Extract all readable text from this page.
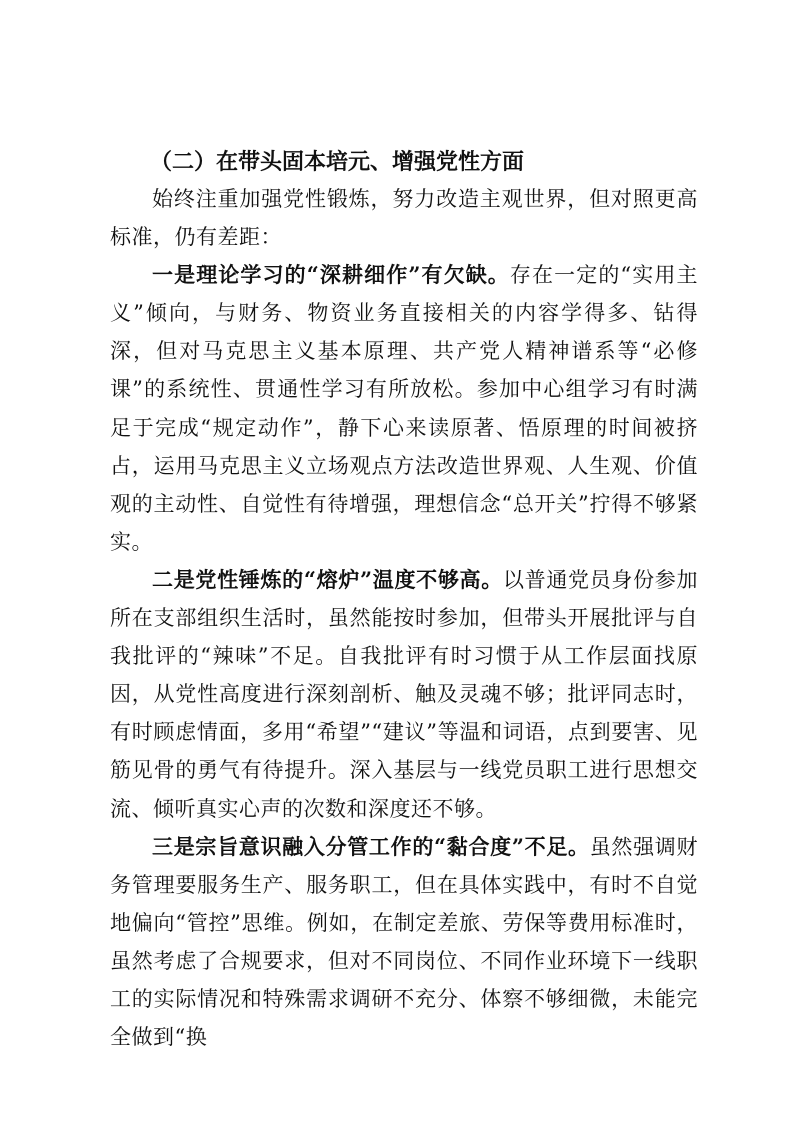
（二）在带头固本培元、增强党性方面

始终注重加强党性锻炼，努力改造主观世界，但对照更高标准，仍有差距：

一是理论学习的“深耕细作”有欠缺。存在一定的“实用主义”倾向，与财务、物资业务直接相关的内容学得多、钻得深，但对马克思主义基本原理、共产党人精神谱系等“必修课”的系统性、贯通性学习有所放松。参加中心组学习有时满足于完成“规定动作”，静下心来读原著、悟原理的时间被挤占，运用马克思主义立场观点方法改造世界观、人生观、价值观的主动性、自觉性有待增强，理想信念“总开关”拧得不够紧实。

二是党性锤炼的“熔炉”温度不够高。以普通党员身份参加所在支部组织生活时，虽然能按时参加，但带头开展批评与自我批评的“辣味”不足。自我批评有时习惯于从工作层面找原因，从党性高度进行深刻剖析、触及灵魂不够；批评同志时，有时顾虑情面，多用“希望”“建议”等温和词语，点到要害、见筋见骨的勇气有待提升。深入基层与一线党员职工进行思想交流、倾听真实心声的次数和深度还不够。

三是宗旨意识融入分管工作的“黏合度”不足。虽然强调财务管理要服务生产、服务职工，但在具体实践中，有时不自觉地偏向“管控”思维。例如，在制定差旅、劳保等费用标准时，虽然考虑了合规要求，但对不同岗位、不同作业环境下一线职工的实际情况和特殊需求调研不充分、体察不够细微，未能完全做到“换
